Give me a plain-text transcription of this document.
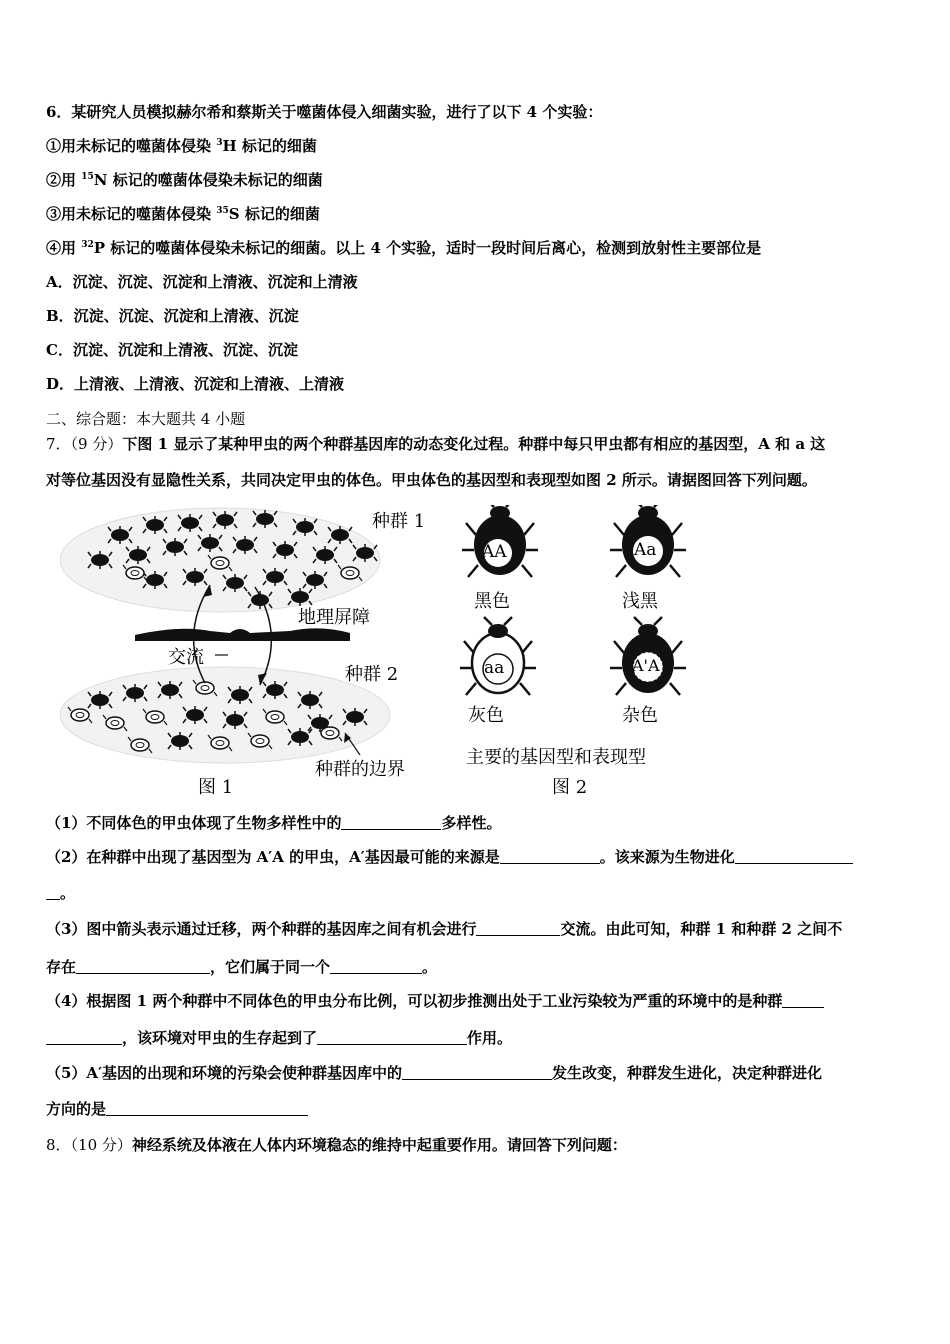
6．某研究人员模拟赫尔希和蔡斯关于噬菌体侵入细菌实验，进行了以下 4 个实验：
①用未标记的噬菌体侵染 $^3$H 标记的细菌
②用 $^{15}$N 标记的噬菌体侵染未标记的细菌
③用未标记的噬菌体侵染 $^{35}$S 标记的细菌
④用 $^{32}$P 标记的噬菌体侵染未标记的细菌。以上 4 个实验，适时一段时间后离心，检测到放射性主要部位是
A．沉淀、沉淀、沉淀和上清液、沉淀和上清液
B．沉淀、沉淀、沉淀和上清液、沉淀
C．沉淀、沉淀和上清液、沉淀、沉淀
D．上清液、上清液、沉淀和上清液、上清液
二、综合题：本大题共 4 小题
7．（9 分）下图 1 显示了某种甲虫的两个种群基因库的动态变化过程。种群中每只甲虫都有相应的基因型，A 和 a 这
对等位基因没有显隐性关系，共同决定甲虫的体色。甲虫体色的基因型和表现型如图 2 所示。请据图回答下列问题。
种群 1
地理屏障
交流
种群 2
种群的边界
图 1
AA	Aa
aa	A'A
黑色	浅黑
灰色	杂色
主要的基因型和表现型
图 2
（1）不同体色的甲虫体现了生物多样性中的	多样性。
（2）在种群中出现了基因型为 A′A 的甲虫，A′基因最可能的来源是	。该来源为生物进化
。
（3）图中箭头表示通过迁移，两个种群的基因库之间有机会进行	交流。由此可知，种群 1 和种群 2 之间不
存在	，它们属于同一个	。
（4）根据图 1 两个种群中不同体色的甲虫分布比例，可以初步推测出处于工业污染较为严重的环境中的是种群
，该环境对甲虫的生存起到了	作用。
（5）A′基因的出现和环境的污染会使种群基因库中的	发生改变，种群发生进化，决定种群进化
方向的是
8．（10 分）神经系统及体液在人体内环境稳态的维持中起重要作用。请回答下列问题：
